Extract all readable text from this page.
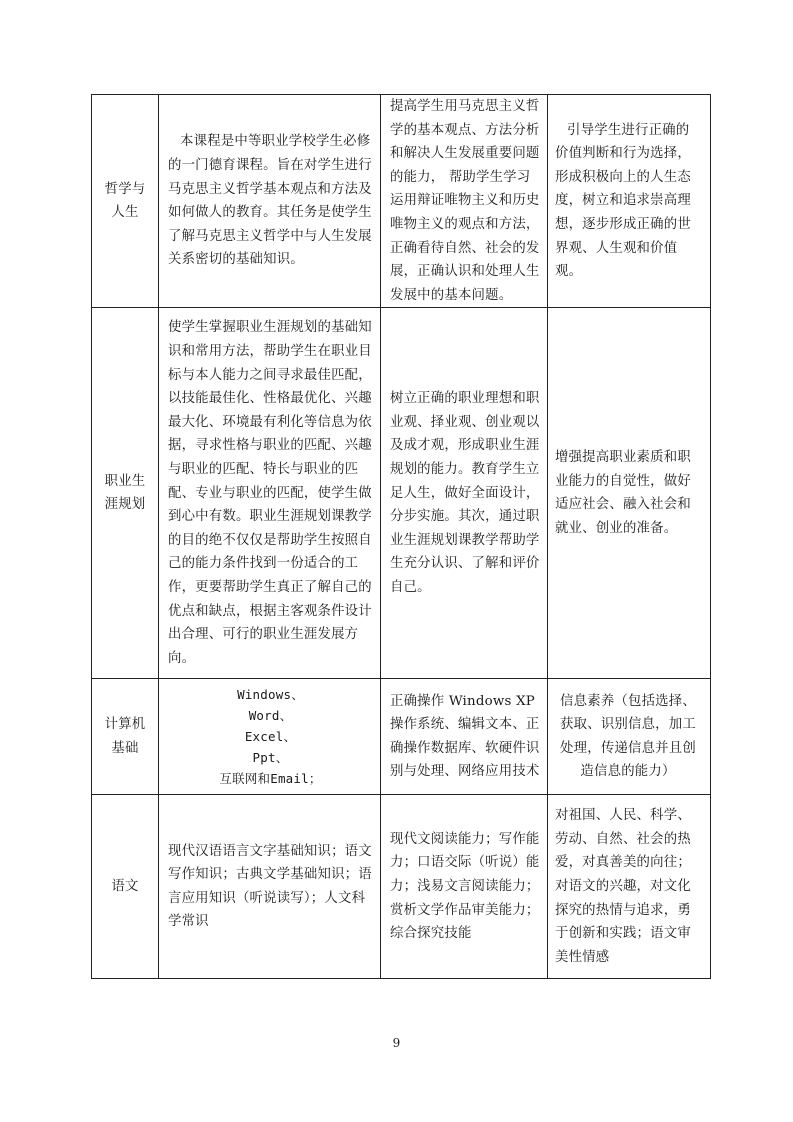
哲学与人生	本课程是中等职业学校学生必修的一门德育课程。旨在对学生进行马克思主义哲学基本观点和方法及如何做人的教育。其任务是使学生了解马克思主义哲学中与人生发展关系密切的基础知识。	提高学生用马克思主义哲学的基本观点、方法分析和解决人生发展重要问题的能力， 帮助学生学习运用辩证唯物主义和历史唯物主义的观点和方法，正确看待自然、社会的发展，正确认识和处理人生发展中的基本问题。	引导学生进行正确的价值判断和行为选择，形成积极向上的人生态度，树立和追求崇高理想，逐步形成正确的世界观、人生观和价值观。
职业生涯规划	使学生掌握职业生涯规划的基础知识和常用方法，帮助学生在职业目标与本人能力之间寻求最佳匹配，以技能最佳化、性格最优化、兴趣最大化、环境最有利化等信息为依据，寻求性格与职业的匹配、兴趣与职业的匹配、特长与职业的匹配、专业与职业的匹配，使学生做到心中有数。职业生涯规划课教学的目的绝不仅仅是帮助学生按照自己的能力条件找到一份适合的工作，更要帮助学生真正了解自己的优点和缺点，根据主客观条件设计出合理、可行的职业生涯发展方向。	树立正确的职业理想和职业观、择业观、创业观以及成才观，形成职业生涯规划的能力。教育学生立足人生，做好全面设计，分步实施。其次，通过职业生涯规划课教学帮助学生充分认识、了解和评价自己。	增强提高职业素质和职业能力的自觉性，做好适应社会、融入社会和就业、创业的准备。
计算机基础	Windows、
Word、
Excel、
Ppt、
互联网和Email；	正确操作 Windows XP 操作系统、编辑文本、正确操作数据库、软硬件识别与处理、网络应用技术	信息素养（包括选择、获取、识别信息，加工处理，传递信息并且创造信息的能力）
语文	现代汉语语言文字基础知识；语文写作知识；古典文学基础知识；语言应用知识（听说读写）；人文科学常识	现代文阅读能力；写作能力；口语交际（听说）能力；浅易文言阅读能力；赏析文学作品审美能力；综合探究技能	对祖国、人民、科学、劳动、自然、社会的热爱，对真善美的向往；对语文的兴趣，对文化探究的热情与追求，勇于创新和实践；语文审美性情感
9
